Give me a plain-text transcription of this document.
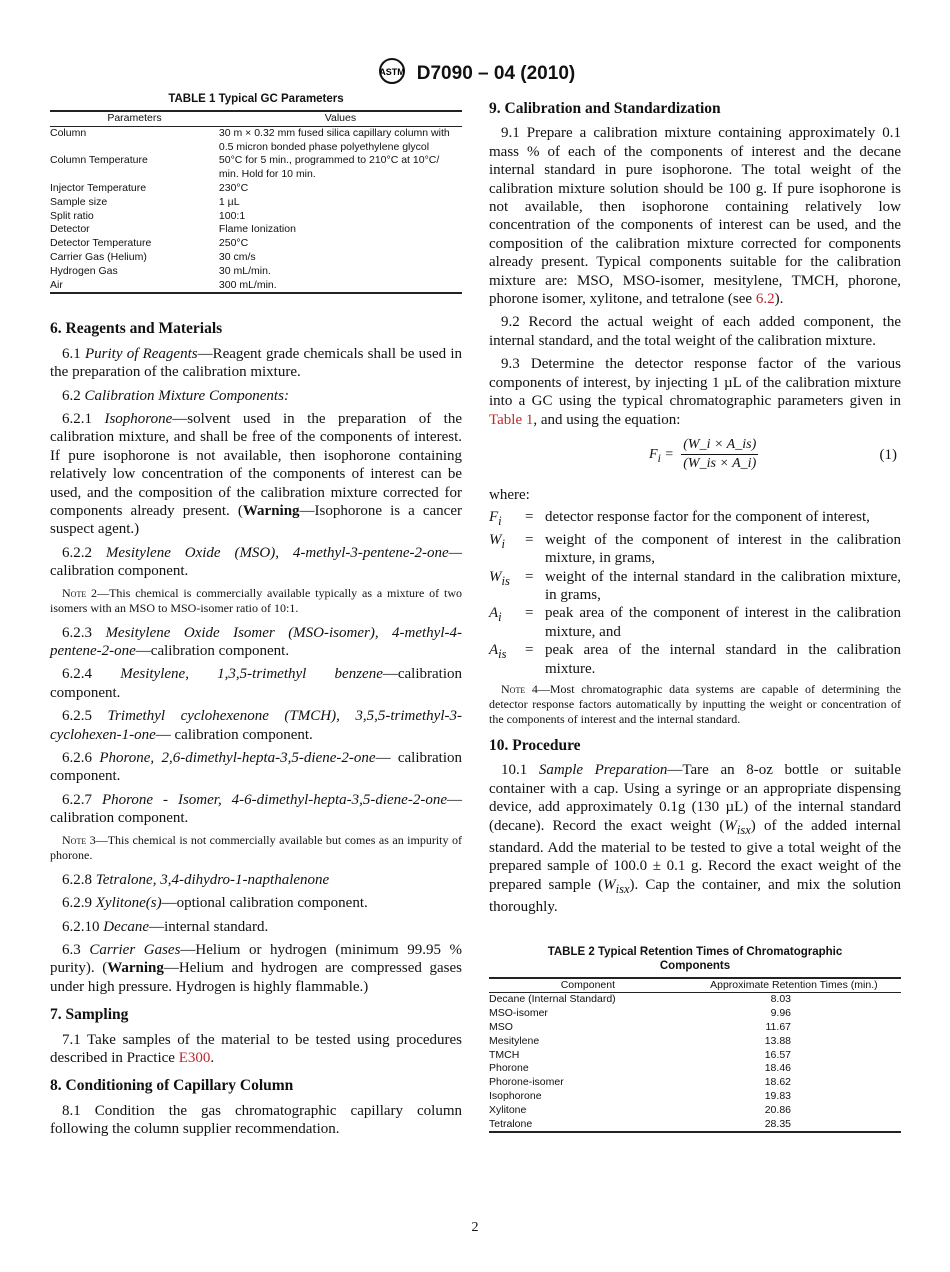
ASTM D7090 – 04 (2010)
TABLE 1 Typical GC Parameters
Parameters	Values
Column	30 m × 0.32 mm fused silica capillary column with 0.5 micron bonded phase polyethylene glycol
Column Temperature	50°C for 5 min., programmed to 210°C at 10°C/ min. Hold for 10 min.
Injector Temperature	230°C
Sample size	1 µL
Split ratio	100:1
Detector	Flame Ionization
Detector Temperature	250°C
Carrier Gas (Helium)	30 cm/s
Hydrogen Gas	30 mL/min.
Air	300 mL/min.
6. Reagents and Materials
6.1 Purity of Reagents—Reagent grade chemicals shall be used in the preparation of the calibration mixture.
6.2 Calibration Mixture Components:
6.2.1 Isophorone—solvent used in the preparation of the calibration mixture, and shall be free of the components of interest. If pure isophorone is not available, then isophorone containing relatively low concentration of the components of interest can be used, and the composition of the calibration mixture corrected for components already present. (Warning—Isophorone is a cancer suspect agent.)
6.2.2 Mesitylene Oxide (MSO), 4-methyl-3-pentene-2-one—calibration component.
Note 2—This chemical is commercially available typically as a mixture of two isomers with an MSO to MSO-isomer ratio of 10:1.
6.2.3 Mesitylene Oxide Isomer (MSO-isomer), 4-methyl-4-pentene-2-one—calibration component.
6.2.4 Mesitylene, 1,3,5-trimethyl benzene—calibration component.
6.2.5 Trimethyl cyclohexenone (TMCH), 3,5,5-trimethyl-3-cyclohexen-1-one— calibration component.
6.2.6 Phorone, 2,6-dimethyl-hepta-3,5-diene-2-one— calibration component.
6.2.7 Phorone - Isomer, 4-6-dimethyl-hepta-3,5-diene-2-one— calibration component.
Note 3—This chemical is not commercially available but comes as an impurity of phorone.
6.2.8 Tetralone, 3,4-dihydro-1-napthalenone
6.2.9 Xylitone(s)—optional calibration component.
6.2.10 Decane—internal standard.
6.3 Carrier Gases—Helium or hydrogen (minimum 99.95 % purity). (Warning—Helium and hydrogen are compressed gases under high pressure. Hydrogen is highly flammable.)
7. Sampling
7.1 Take samples of the material to be tested using procedures described in Practice E300.
8. Conditioning of Capillary Column
8.1 Condition the gas chromatographic capillary column following the column supplier recommendation.
9. Calibration and Standardization
9.1 Prepare a calibration mixture containing approximately 0.1 mass % of each of the components of interest and the decane internal standard in pure isophorone. The total weight of the calibration mixture solution should be 100 g. If pure isophorone is not available, then isophorone containing relatively low concentration of the components of interest can be used, and the composition of the calibration mixture corrected for components already present. Typical components suitable for the calibration mixture are: MSO, MSO-isomer, mesitylene, TMCH, phorone, phorone isomer, xylitone, and tetralone (see 6.2).
9.2 Record the actual weight of each added component, the internal standard, and the total weight of the calibration mixture.
9.3 Determine the detector response factor of the various components of interest, by injecting 1 µL of the calibration mixture into a GC using the typical chromatographic parameters given in Table 1, and using the equation:
$F_i = \frac{(W\_i \times A\_is)}{(W\_is \times A\_i)}$	(1)
where:
$F_i$	= detector response factor for the component of interest,
$W_i$	= weight of the component of interest in the calibration mixture, in grams,
$W_{is}$	= weight of the internal standard in the calibration mixture, in grams,
$A_i$	= peak area of the component of interest in the calibration mixture, and
$A_{is}$	= peak area of the internal standard in the calibration mixture.
Note 4—Most chromatographic data systems are capable of determining the detector response factors automatically by inputting the weight or concentration of the components of interest and the internal standard.
10. Procedure
10.1 Sample Preparation—Tare an 8-oz bottle or suitable container with a cap. Using a syringe or an appropriate dispensing device, add approximately 0.1g (130 µL) of the internal standard (decane). Record the exact weight $(W_{isx})$ of the added internal standard. Add the material to be tested to give a total weight of the prepared sample of 100.0 ± 0.1 g. Record the exact weight of the prepared sample $(W_{isx})$. Cap the container, and mix the solution thoroughly.
TABLE 2 Typical Retention Times of Chromatographic Components
Component	Approximate Retention Times (min.)
Decane (Internal Standard)	8.03
MSO-isomer	9.96
MSO	11.67
Mesitylene	13.88
TMCH	16.57
Phorone	18.46
Phorone-isomer	18.62
Isophorone	19.83
Xylitone	20.86
Tetralone	28.35
2
